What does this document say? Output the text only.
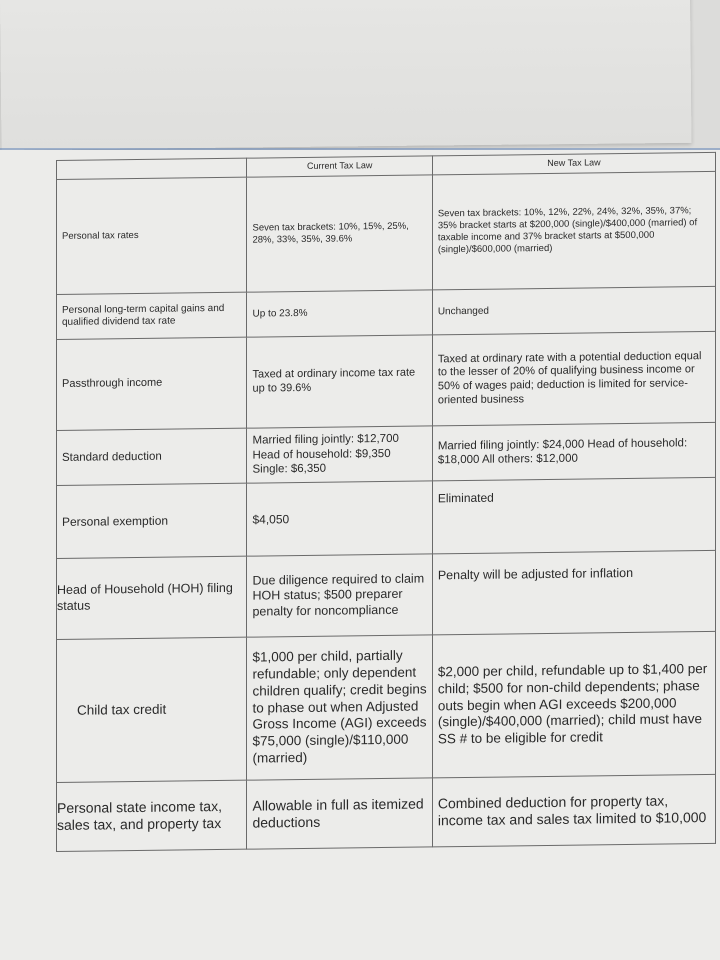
	Current Tax Law	New Tax Law
Personal tax rates	Seven tax brackets: 10%, 15%, 25%, 28%, 33%, 35%, 39.6%	Seven tax brackets: 10%, 12%, 22%, 24%, 32%, 35%, 37%; 35% bracket starts at $200,000 (single)/$400,000 (married) of taxable income and 37% bracket starts at $500,000 (single)/$600,000 (married)
Personal long-term capital gains and qualified dividend tax rate	Up to 23.8%	Unchanged
Passthrough income	Taxed at ordinary income tax rate up to 39.6%	Taxed at ordinary rate with a potential deduction equal to the lesser of 20% of qualifying business income or 50% of wages paid; deduction is limited for service-oriented business
Standard deduction	Married filing jointly: $12,700 Head of household: $9,350 Single: $6,350	Married filing jointly: $24,000 Head of household: $18,000 All others: $12,000
Personal exemption	$4,050	Eliminated
Head of Household (HOH) filing status	Due diligence required to claim HOH status; $500 preparer penalty for noncompliance	Penalty will be adjusted for inflation
Child tax credit	$1,000 per child, partially refundable; only dependent children qualify; credit begins to phase out when Adjusted Gross Income (AGI) exceeds $75,000 (single)/$110,000 (married)	$2,000 per child, refundable up to $1,400 per child; $500 for non-child dependents; phase outs begin when AGI exceeds $200,000 (single)/$400,000 (married); child must have SS # to be eligible for credit
Personal state income tax, sales tax, and property tax	Allowable in full as itemized deductions	Combined deduction for property tax, income tax and sales tax limited to $10,000
